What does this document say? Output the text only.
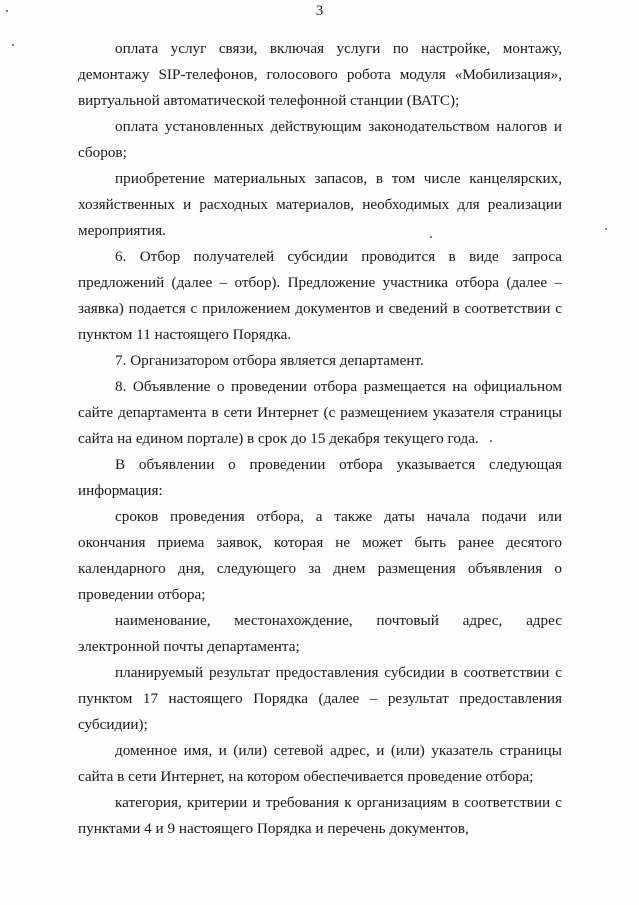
3

оплата услуг связи, включая услуги по настройке, монтажу, демонтажу SIP-телефонов, голосового робота модуля «Мобилизация», виртуальной автоматической телефонной станции (ВАТС);

оплата установленных действующим законодательством налогов и сборов;

приобретение материальных запасов, в том числе канцелярских, хозяйственных и расходных материалов, необходимых для реализации мероприятия.

6. Отбор получателей субсидии проводится в виде запроса предложений (далее – отбор). Предложение участника отбора (далее – заявка) подается с приложением документов и сведений в соответствии с пунктом 11 настоящего Порядка.

7. Организатором отбора является департамент.

8. Объявление о проведении отбора размещается на официальном сайте департамента в сети Интернет (с размещением указателя страницы сайта на едином портале) в срок до 15 декабря текущего года.

В объявлении о проведении отбора указывается следующая информация:

сроков проведения отбора, а также даты начала подачи или окончания приема заявок, которая не может быть ранее десятого календарного дня, следующего за днем размещения объявления о проведении отбора;

наименование, местонахождение, почтовый адрес, адрес электронной почты департамента;

планируемый результат предоставления субсидии в соответствии с пунктом 17 настоящего Порядка (далее – результат предоставления субсидии);

доменное имя, и (или) сетевой адрес, и (или) указатель страницы сайта в сети Интернет, на котором обеспечивается проведение отбора;

категория, критерии и требования к организациям в соответствии с пунктами 4 и 9 настоящего Порядка и перечень документов,
